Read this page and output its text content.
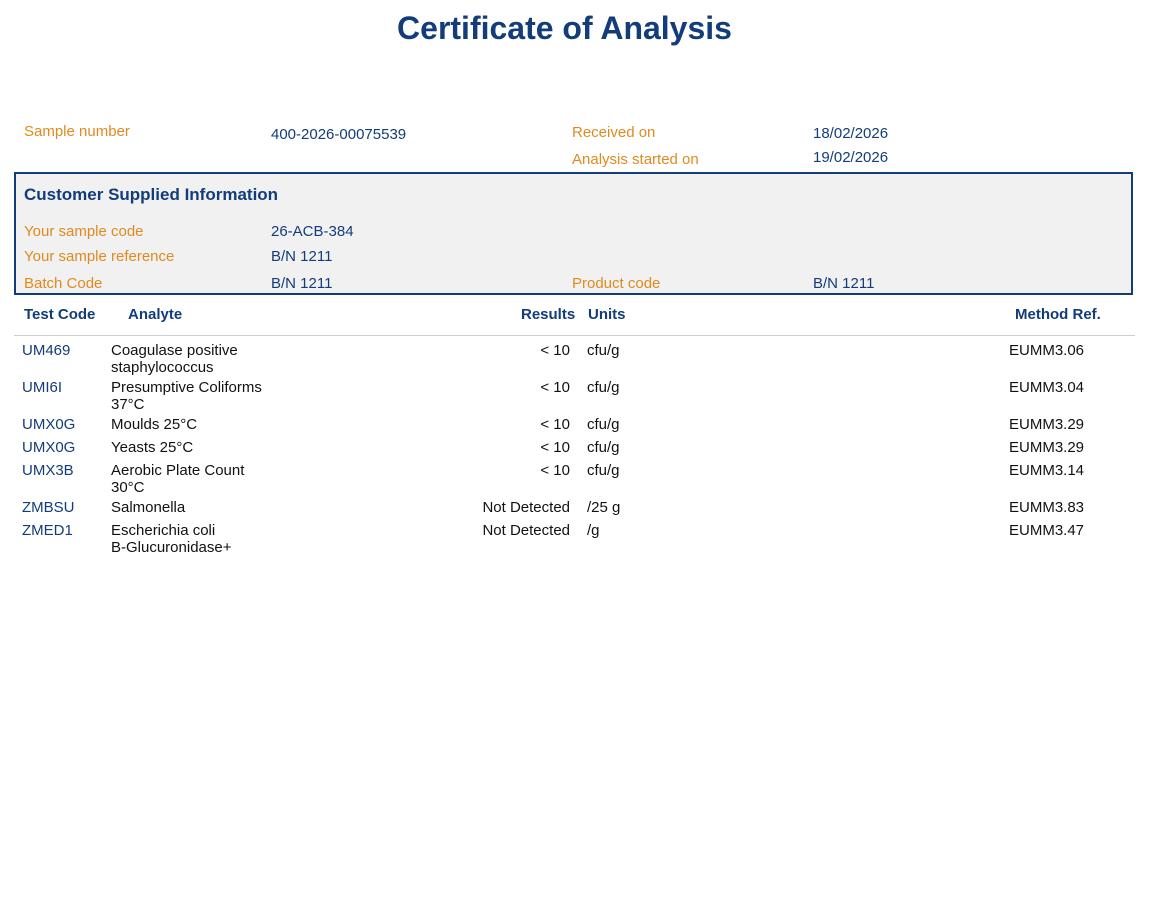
Certificate of Analysis
Sample number	400-2026-00075539	Received on	18/02/2026
Analysis started on	19/02/2026
Customer Supplied Information
Your sample code	26-ACB-384
Your sample reference	B/N 1211
Batch Code	B/N 1211	Product code	B/N 1211
Test Code Analyte	Results Units	Method Ref.
UM469	Coagulase positive
staphylococcus
< 10 cfu/g	EUMM3.06
UMI6I	Presumptive Coliforms
37°C
< 10 cfu/g	EUMM3.04
UMX0G Moulds 25°C	< 10 cfu/g	EUMM3.29
UMX0G Yeasts 25°C	< 10 cfu/g	EUMM3.29
UMX3B Aerobic Plate Count
30°C
< 10 cfu/g	EUMM3.14
ZMBSU Salmonella	Not Detected /25 g	EUMM3.83
ZMED1	Escherichia coli
B-Glucuronidase+
Not Detected /g	EUMM3.47
